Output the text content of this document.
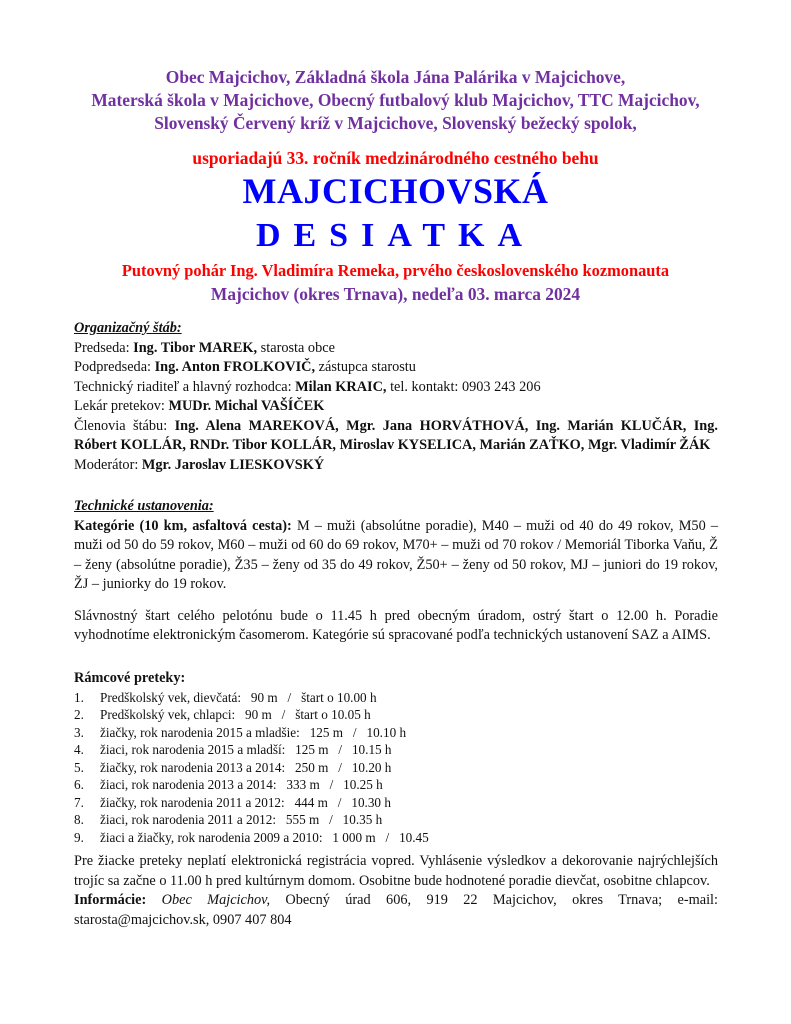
Obec Majcichov, Základná škola Jána Palárika v Majcichove,
Materská škola v Majcichove, Obecný futbalový klub Majcichov, TTC Majcichov,
Slovenský Červený kríž v Majcichove, Slovenský bežecký spolok,
usporiadajú 33. ročník medzinárodného cestného behu
MAJCICHOVSKÁ
DESIATKA
Putovný pohár Ing. Vladimíra Remeka, prvého československého kozmonauta
Majcichov (okres Trnava), nedeľa 03. marca 2024
Organizačný štáb:
Predseda: Ing. Tibor MAREK, starosta obce
Podpredseda: Ing. Anton FROLKOVIČ, zástupca starostu
Technický riaditeľ a hlavný rozhodca: Milan KRAIC, tel. kontakt: 0903 243 206
Lekár pretekov: MUDr. Michal VAŠÍČEK
Členovia štábu: Ing. Alena MAREKOVÁ, Mgr. Jana HORVÁTHOVÁ, Ing. Marián KLUČÁR, Ing. Róbert KOLLÁR, RNDr. Tibor KOLLÁR, Miroslav KYSELICA, Marián ZAŤKO, Mgr. Vladimír ŽÁK
Moderátor: Mgr. Jaroslav LIESKOVSKÝ
Technické ustanovenia:
Kategórie (10 km, asfaltová cesta): M – muži (absolútne poradie), M40 – muži od 40 do 49 rokov, M50 – muži od 50 do 59 rokov, M60 – muži od 60 do 69 rokov, M70+ – muži od 70 rokov / Memoriál Tiborka Vaňu, Ž – ženy (absolútne poradie), Ž35 – ženy od 35 do 49 rokov, Ž50+ – ženy od 50 rokov, MJ – juniori do 19 rokov, ŽJ – juniorky do 19 rokov.
Slávnostný štart celého pelotónu bude o 11.45 h pred obecným úradom, ostrý štart o 12.00 h. Poradie vyhodnotíme elektronickým časomerom. Kategórie sú spracované podľa technických ustanovení SAZ a AIMS.
Rámcové preteky:
1.	Predškolský vek, dievčatá:   90 m   /   štart o 10.00 h
2.	Predškolský vek, chlapci:   90 m   /   štart o 10.05 h
3.	žiačky, rok narodenia 2015 a mladšie:   125 m   /   10.10 h
4.	žiaci, rok narodenia 2015 a mladší:   125 m   /   10.15 h
5.	žiačky, rok narodenia 2013 a 2014:   250 m   /   10.20 h
6.	žiaci, rok narodenia 2013 a 2014:   333 m   /   10.25 h
7.	žiačky, rok narodenia 2011 a 2012:   444 m   /   10.30 h
8.	žiaci, rok narodenia 2011 a 2012:   555 m   /   10.35 h
9.	žiaci a žiačky, rok narodenia 2009 a 2010:   1 000 m   /   10.45
Pre žiacke preteky neplatí elektronická registrácia vopred. Vyhlásenie výsledkov a dekorovanie najrýchlejších trojíc sa začne o 11.00 h pred kultúrnym domom. Osobitne bude hodnotené poradie dievčat, osobitne chlapcov.
Informácie: Obec Majcichov, Obecný úrad 606, 919 22 Majcichov, okres Trnava; e-mail: starosta@majcichov.sk, 0907 407 804
